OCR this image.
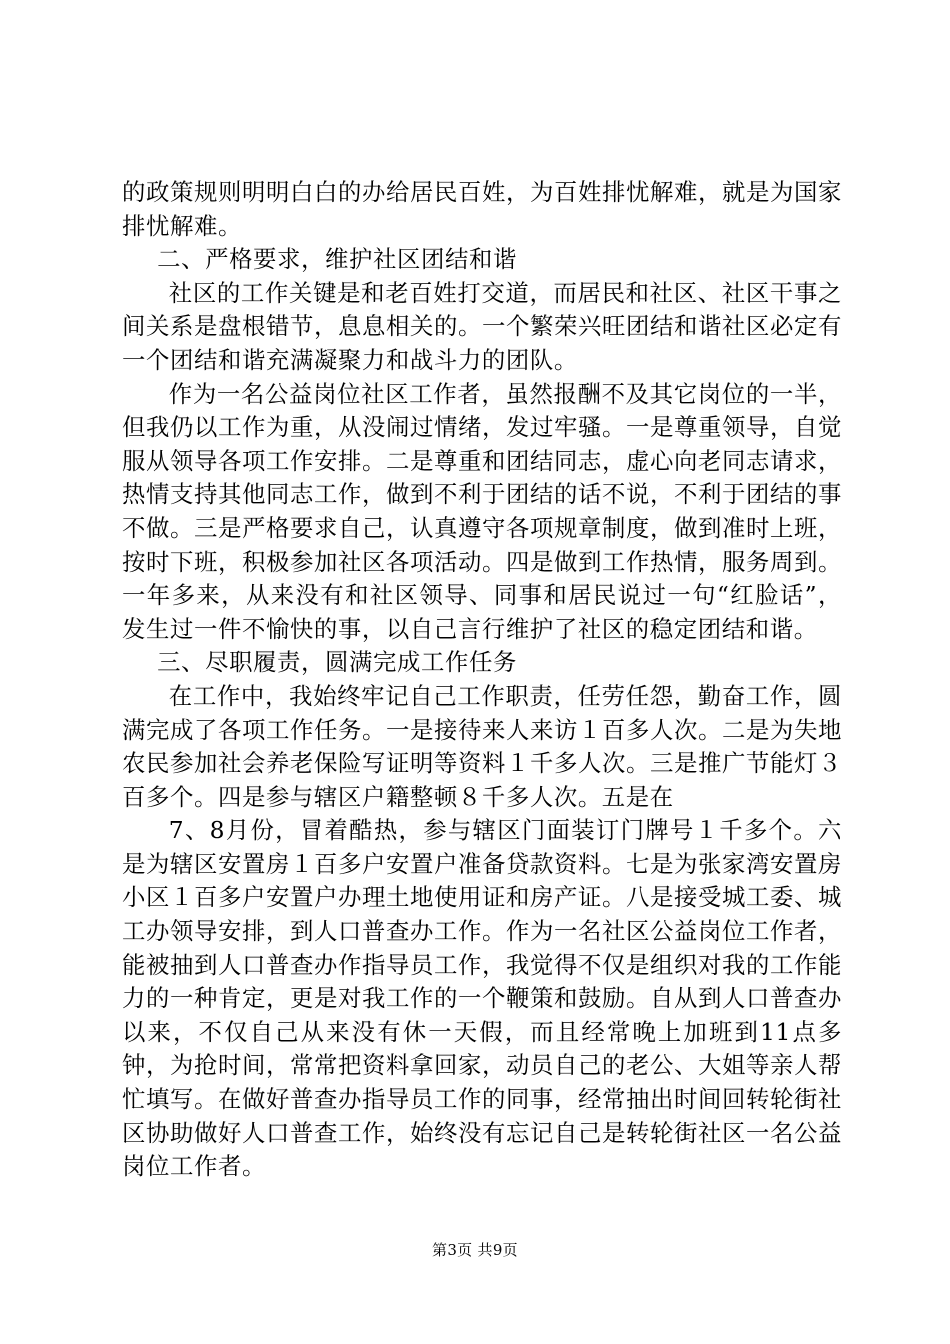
的政策规则明明白白的办给居民百姓，为百姓排忧解难，就是为国家排忧解难。

二、严格要求，维护社区团结和谐

社区的工作关键是和老百姓打交道，而居民和社区、社区干事之间关系是盘根错节，息息相关的。一个繁荣兴旺团结和谐社区必定有一个团结和谐充满凝聚力和战斗力的团队。

作为一名公益岗位社区工作者，虽然报酬不及其它岗位的一半，但我仍以工作为重，从没闹过情绪，发过牢骚。一是尊重领导，自觉服从领导各项工作安排。二是尊重和团结同志，虚心向老同志请求，热情支持其他同志工作，做到不利于团结的话不说，不利于团结的事不做。三是严格要求自己，认真遵守各项规章制度，做到准时上班，按时下班，积极参加社区各项活动。四是做到工作热情，服务周到。一年多来，从来没有和社区领导、同事和居民说过一句“红脸话”，发生过一件不愉快的事，以自己言行维护了社区的稳定团结和谐。

三、尽职履责，圆满完成工作任务

在工作中，我始终牢记自己工作职责，任劳任怨，勤奋工作，圆满完成了各项工作任务。一是接待来人来访１百多人次。二是为失地农民参加社会养老保险写证明等资料１千多人次。三是推广节能灯３百多个。四是参与辖区户籍整顿８千多人次。五是在

7、8月份，冒着酷热，参与辖区门面装订门牌号１千多个。六是为辖区安置房１百多户安置户准备贷款资料。七是为张家湾安置房小区１百多户安置户办理土地使用证和房产证。八是接受城工委、城工办领导安排，到人口普查办工作。作为一名社区公益岗位工作者，能被抽到人口普查办作指导员工作，我觉得不仅是组织对我的工作能力的一种肯定，更是对我工作的一个鞭策和鼓励。自从到人口普查办以来，不仅自己从来没有休一天假，而且经常晚上加班到11点多钟，为抢时间，常常把资料拿回家，动员自己的老公、大姐等亲人帮忙填写。在做好普查办指导员工作的同事，经常抽出时间回转轮街社区协助做好人口普查工作，始终没有忘记自己是转轮街社区一名公益岗位工作者。

第3页 共9页
